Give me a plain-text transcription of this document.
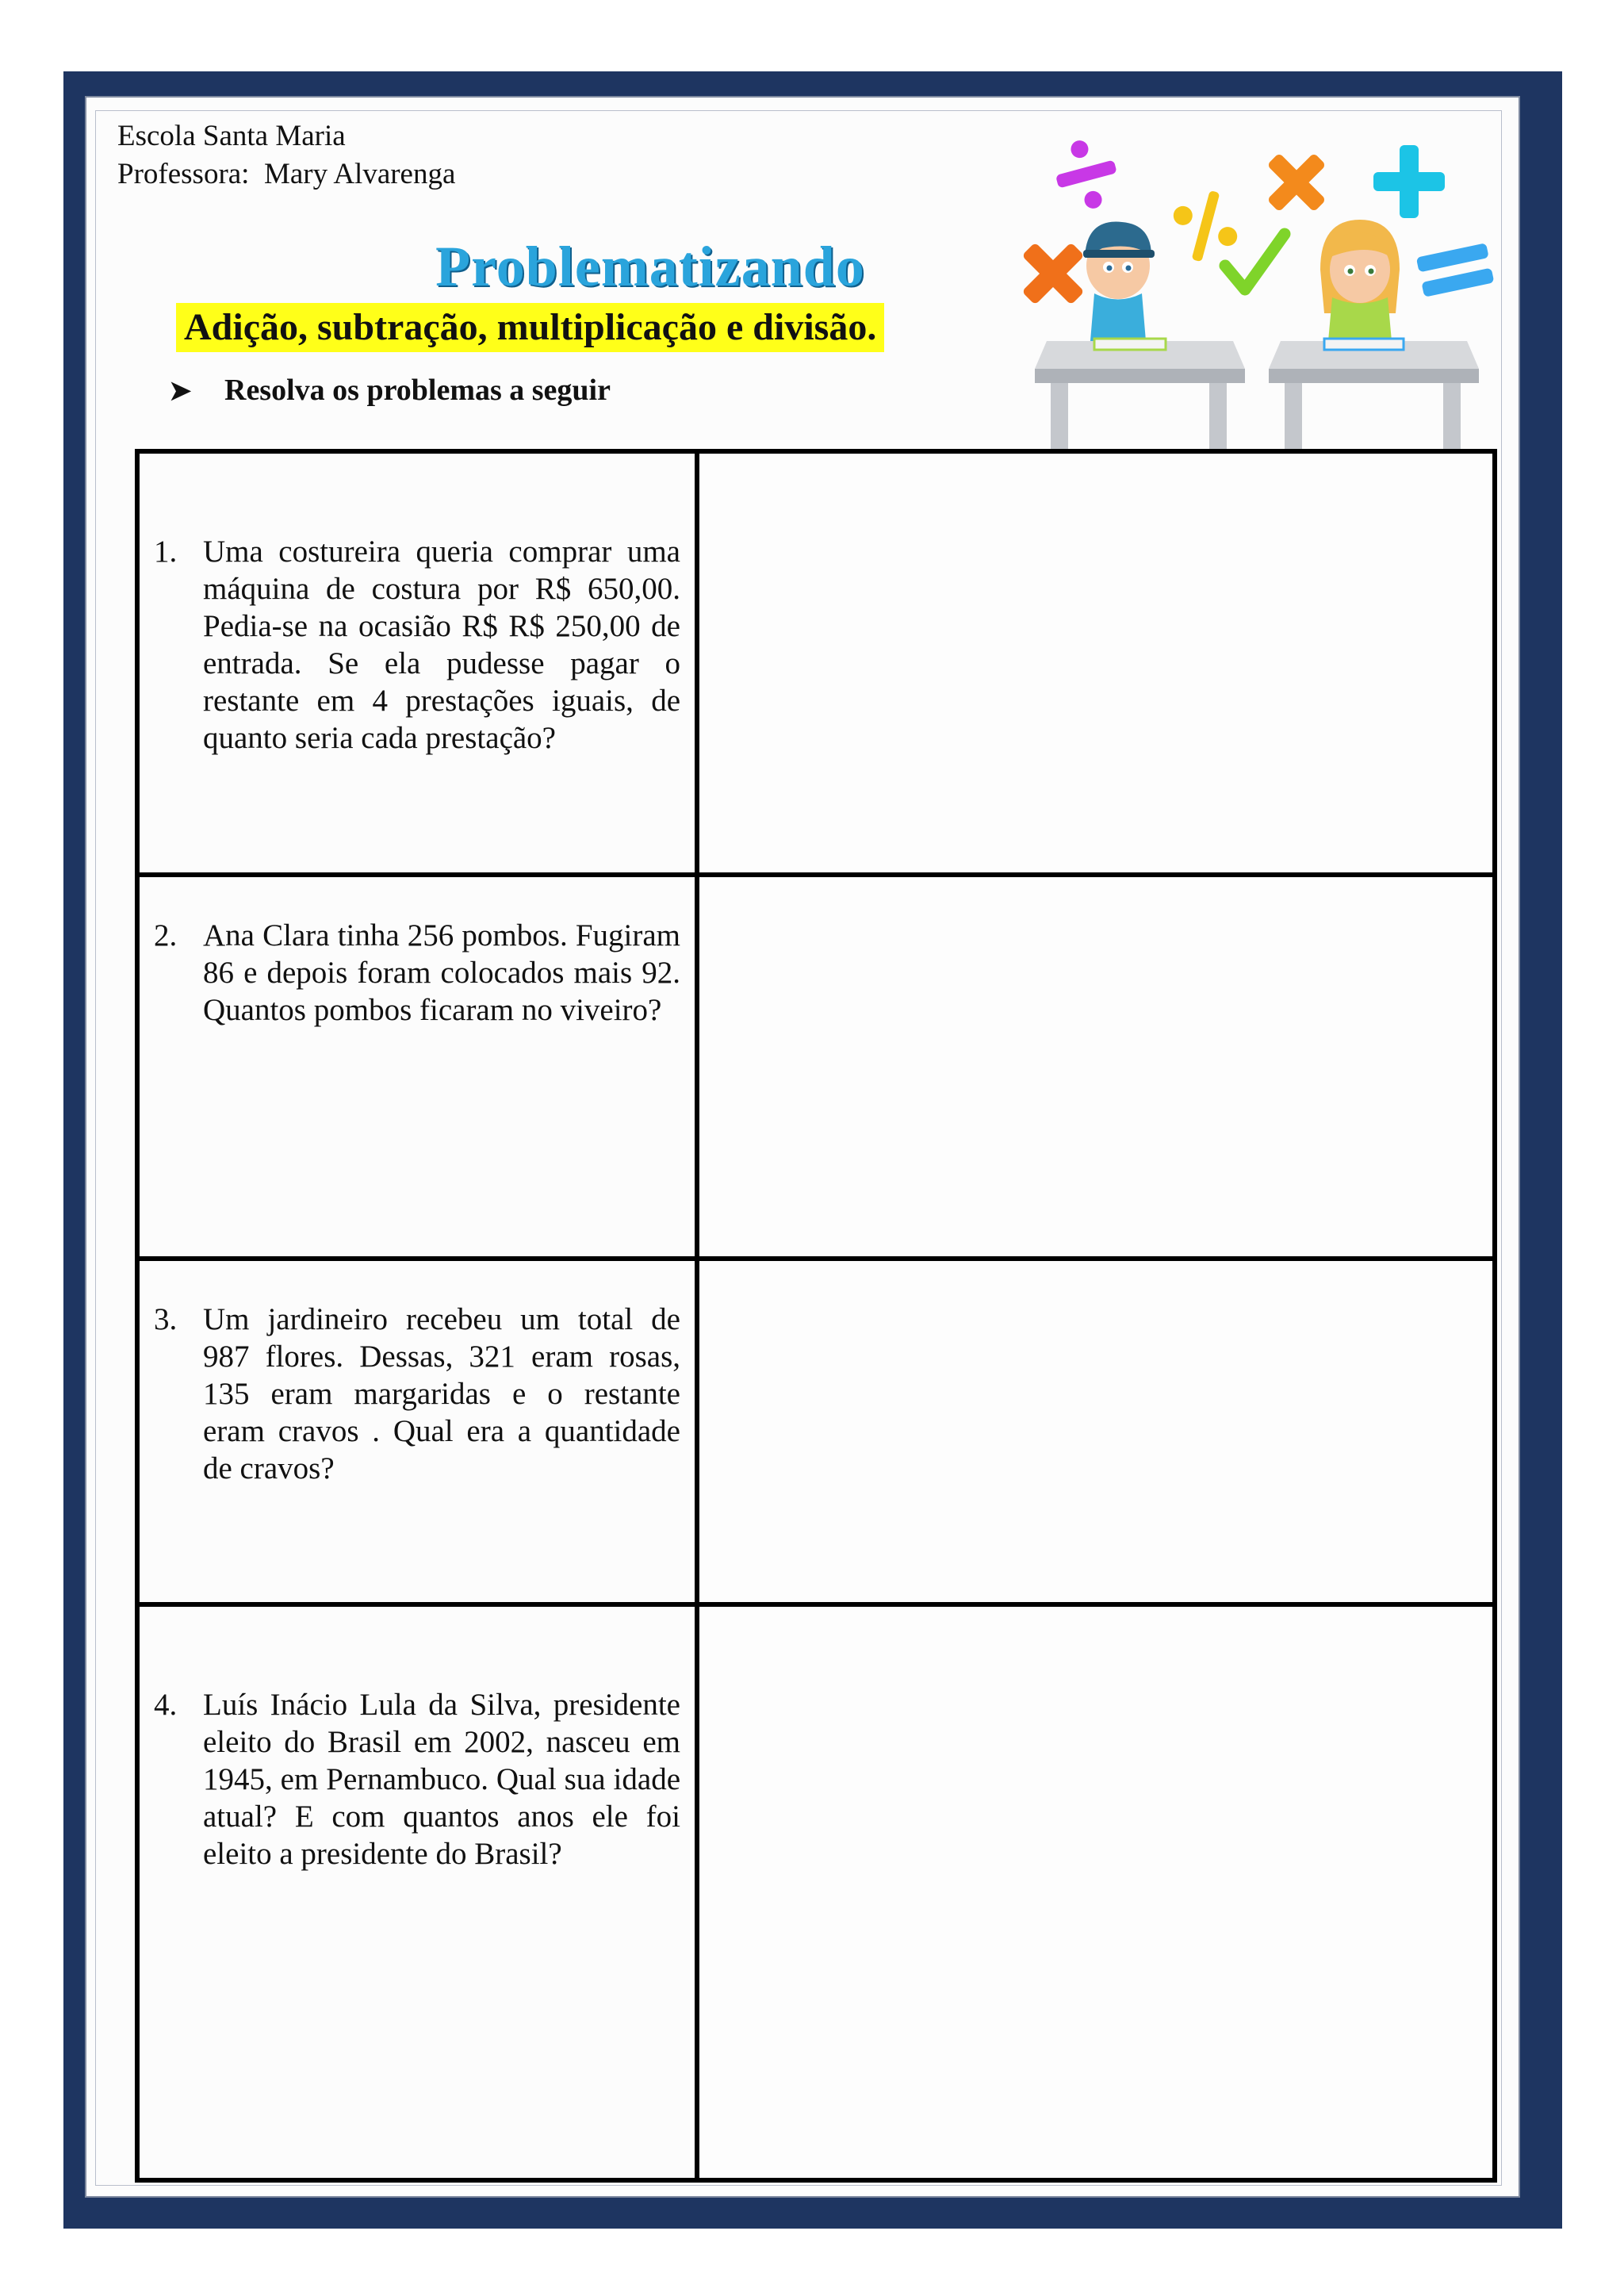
Escola Santa Maria
Professora:  Mary Alvarenga
Problematizando
Adição, subtração, multiplicação e divisão.
➤ Resolva os problemas a seguir
1. Uma costureira queria comprar uma máquina de costura por R$ 650,00. Pedia-se na ocasião R$ R$ 250,00 de entrada. Se ela pudesse pagar o restante em 4 prestações iguais, de quanto seria cada prestação?	

2. Ana Clara tinha 256 pombos. Fugiram 86 e depois foram colocados mais 92. Quantos pombos ficaram no viveiro?	

3. Um jardineiro recebeu um total de 987 flores. Dessas, 321 eram rosas, 135 eram margaridas e o restante eram cravos . Qual era a quantidade de cravos?	

4. Luís Inácio Lula da Silva, presidente eleito do Brasil em 2002, nasceu em 1945, em Pernambuco. Qual sua idade atual? E com quantos anos ele foi eleito a presidente do Brasil?	
